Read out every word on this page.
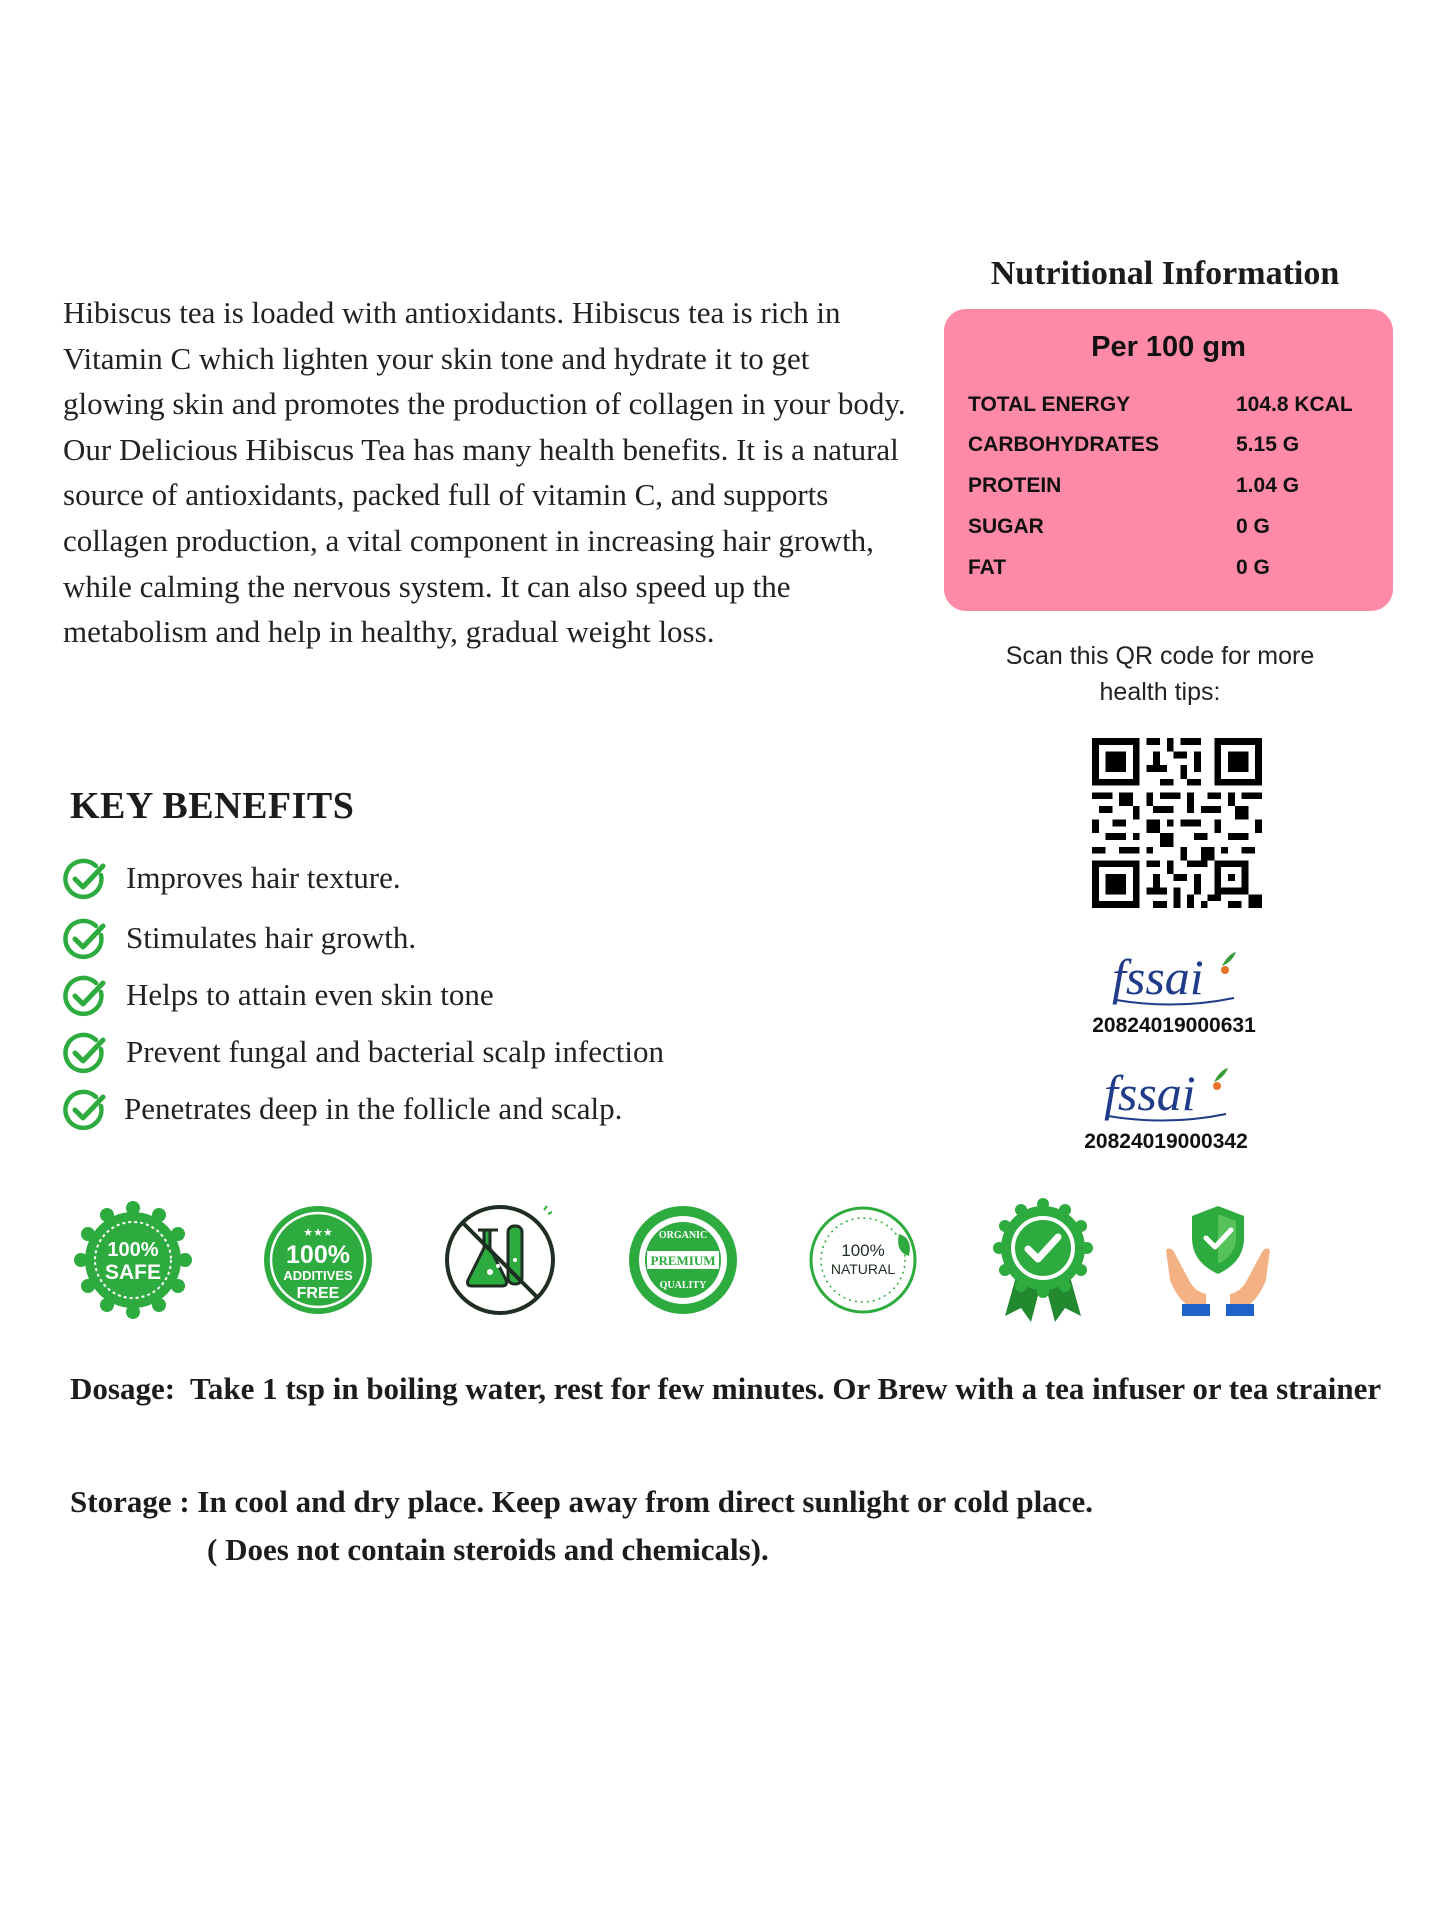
Hibiscus tea is loaded with antioxidants. Hibiscus tea is rich in Vitamin C which lighten your skin tone and hydrate it to get glowing skin and promotes the production of collagen in your body. Our Delicious Hibiscus Tea has many health benefits. It is a natural source of antioxidants, packed full of vitamin C, and supports collagen production, a vital component in increasing hair growth, while calming the nervous system. It can also speed up the metabolism and help in healthy, gradual weight loss.

Nutritional Information
Per 100 gm
TOTAL ENERGY	104.8 KCAL
CARBOHYDRATES	5.15 G
PROTEIN	1.04 G
SUGAR	0 G
FAT	0 G

Scan this QR code for more
health tips:

fssai
20824019000631
fssai
20824019000342
KEY BENEFITS
Improves hair texture.
Stimulates hair growth.
Helps to attain even skin tone
Prevent fungal and bacterial scalp infection
Penetrates deep in the follicle and scalp.
100%
SAFE
★★★
100%
ADDITIVES
FREE
ORGANIC
PREMIUM
QUALITY
100%
NATURAL

Dosage: Take 1 tsp in boiling water, rest for few minutes. Or Brew with a tea infuser or tea strainer

Storage : In cool and dry place. Keep away from direct sunlight or cold place.
( Does not contain steroids and chemicals).
